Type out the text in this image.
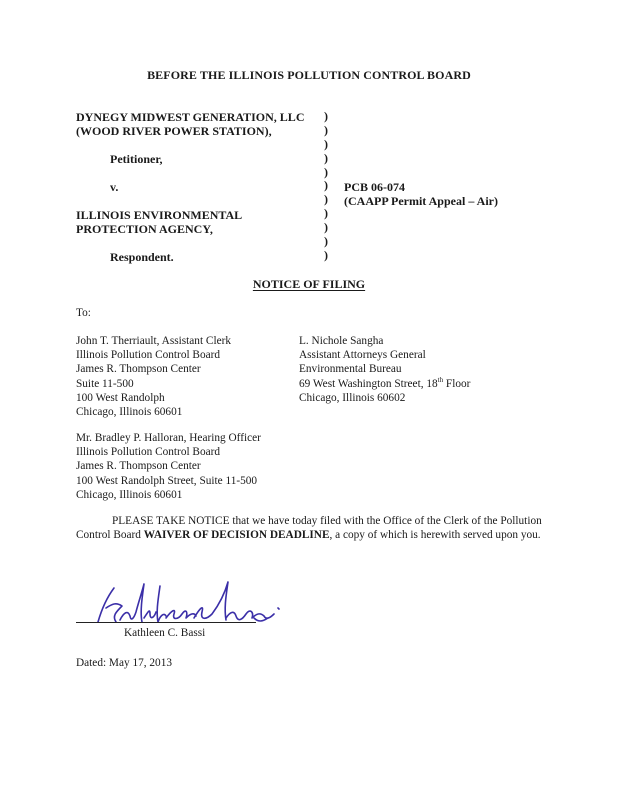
BEFORE THE ILLINOIS POLLUTION CONTROL BOARD
DYNEGY MIDWEST GENERATION, LLC
(WOOD RIVER POWER STATION),
Petitioner,
v.
ILLINOIS ENVIRONMENTAL
PROTECTION AGENCY,
Respondent.
)
)
)
)
)
)
)
)
)
)
)
PCB 06-074
(CAAPP Permit Appeal – Air)
NOTICE OF FILING
To:
John T. Therriault, Assistant Clerk
Illinois Pollution Control Board
James R. Thompson Center
Suite 11-500
100 West Randolph
Chicago, Illinois 60601
L. Nichole Sangha
Assistant Attorneys General
Environmental Bureau
69 West Washington Street, 18th Floor
Chicago, Illinois 60602
Mr. Bradley P. Halloran, Hearing Officer
Illinois Pollution Control Board
James R. Thompson Center
100 West Randolph Street, Suite 11-500
Chicago, Illinois 60601
PLEASE TAKE NOTICE that we have today filed with the Office of the Clerk of the Pollution Control Board WAIVER OF DECISION DEADLINE, a copy of which is herewith served upon you.
Kathleen C. Bassi
Dated: May 17, 2013
